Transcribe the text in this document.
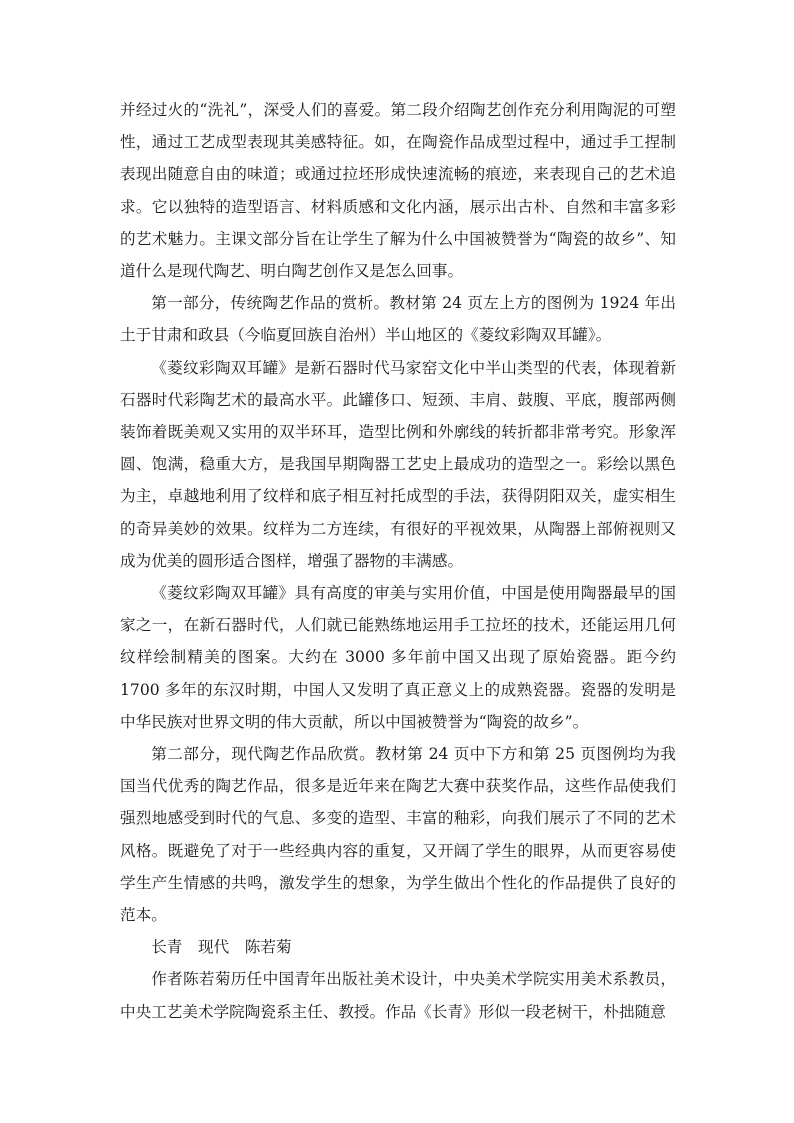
并经过火的“洗礼”，深受人们的喜爱。第二段介绍陶艺创作充分利用陶泥的可塑性，通过工艺成型表现其美感特征。如，在陶瓷作品成型过程中，通过手工捏制表现出随意自由的味道；或通过拉坯形成快速流畅的痕迹，来表现自己的艺术追求。它以独特的造型语言、材料质感和文化内涵，展示出古朴、自然和丰富多彩的艺术魅力。主课文部分旨在让学生了解为什么中国被赞誉为“陶瓷的故乡”、知道什么是现代陶艺、明白陶艺创作又是怎么回事。

第一部分，传统陶艺作品的赏析。教材第 24 页左上方的图例为 1924 年出土于甘肃和政县（今临夏回族自治州）半山地区的《菱纹彩陶双耳罐》。

《菱纹彩陶双耳罐》是新石器时代马家窑文化中半山类型的代表，体现着新石器时代彩陶艺术的最高水平。此罐侈口、短颈、丰肩、鼓腹、平底，腹部两侧装饰着既美观又实用的双半环耳，造型比例和外廓线的转折都非常考究。形象浑圆、饱满，稳重大方，是我国早期陶器工艺史上最成功的造型之一。彩绘以黑色为主，卓越地利用了纹样和底子相互衬托成型的手法，获得阴阳双关，虚实相生的奇异美妙的效果。纹样为二方连续，有很好的平视效果，从陶器上部俯视则又成为优美的圆形适合图样，增强了器物的丰满感。

《菱纹彩陶双耳罐》具有高度的审美与实用价值，中国是使用陶器最早的国家之一，在新石器时代，人们就已能熟练地运用手工拉坯的技术，还能运用几何纹样绘制精美的图案。大约在 3000 多年前中国又出现了原始瓷器。距今约 1700 多年的东汉时期，中国人又发明了真正意义上的成熟瓷器。瓷器的发明是中华民族对世界文明的伟大贡献，所以中国被赞誉为“陶瓷的故乡”。

第二部分，现代陶艺作品欣赏。教材第 24 页中下方和第 25 页图例均为我国当代优秀的陶艺作品，很多是近年来在陶艺大赛中获奖作品，这些作品使我们强烈地感受到时代的气息、多变的造型、丰富的釉彩，向我们展示了不同的艺术风格。既避免了对于一些经典内容的重复，又开阔了学生的眼界，从而更容易使学生产生情感的共鸣，激发学生的想象，为学生做出个性化的作品提供了良好的范本。

长青　现代　陈若菊

作者陈若菊历任中国青年出版社美术设计，中央美术学院实用美术系教员，中央工艺美术学院陶瓷系主任、教授。作品《长青》形似一段老树干，朴拙随意
